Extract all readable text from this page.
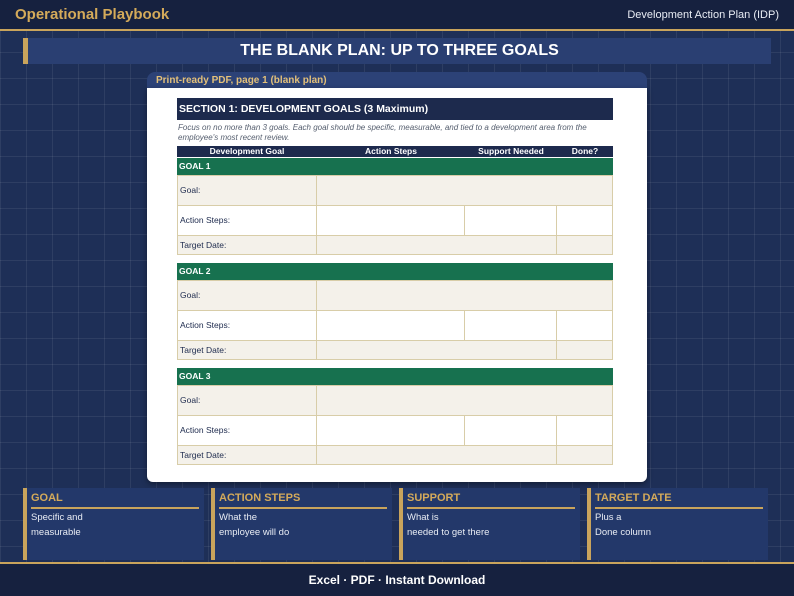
Operational Playbook	Development Action Plan (IDP)
THE BLANK PLAN: UP TO THREE GOALS
Print-ready PDF, page 1 (blank plan)
SECTION 1: DEVELOPMENT GOALS (3 Maximum)
Focus on no more than 3 goals. Each goal should be specific, measurable, and tied to a development area from the
employee's most recent review.
Development Goal	Action Steps	Support Needed	Done?
GOAL 1
Goal:
Action Steps:
Target Date:
GOAL 2
Goal:
Action Steps:
Target Date:
GOAL 3
Goal:
Action Steps:
Target Date:
GOAL
Specific and
measurable
ACTION STEPS
What the
employee will do
SUPPORT
What is
needed to get there
TARGET DATE
Plus a
Done column
Excel · PDF · Instant Download
